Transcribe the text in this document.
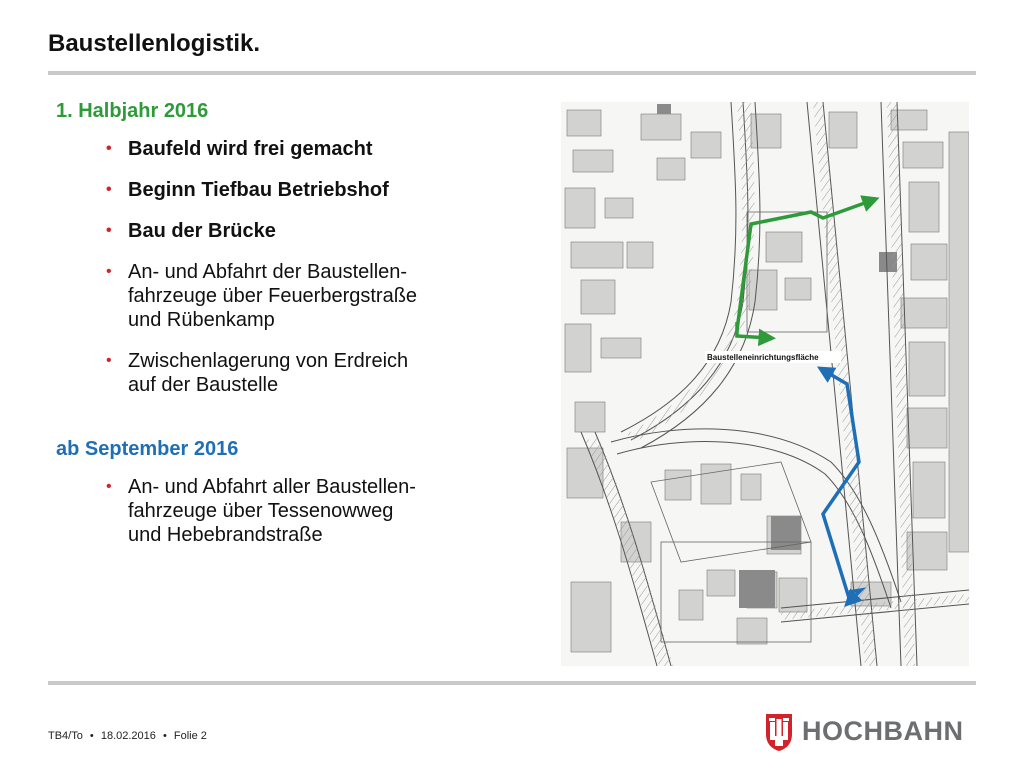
Baustellenlogistik.
1. Halbjahr 2016
• Baufeld wird frei gemacht
• Beginn Tiefbau Betriebshof
• Bau der Brücke
• An- und Abfahrt der Baustellen-
fahrzeuge über Feuerbergstraße
und Rübenkamp
• Zwischenlagerung von Erdreich
auf der Baustelle
ab September 2016
• An- und Abfahrt aller Baustellen-
fahrzeuge über Tessenowweg
und Hebebrandstraße
Baustelleneinrichtungsfläche
TB4/To • 18.02.2016 • Folie 2	HOCHBAHN
